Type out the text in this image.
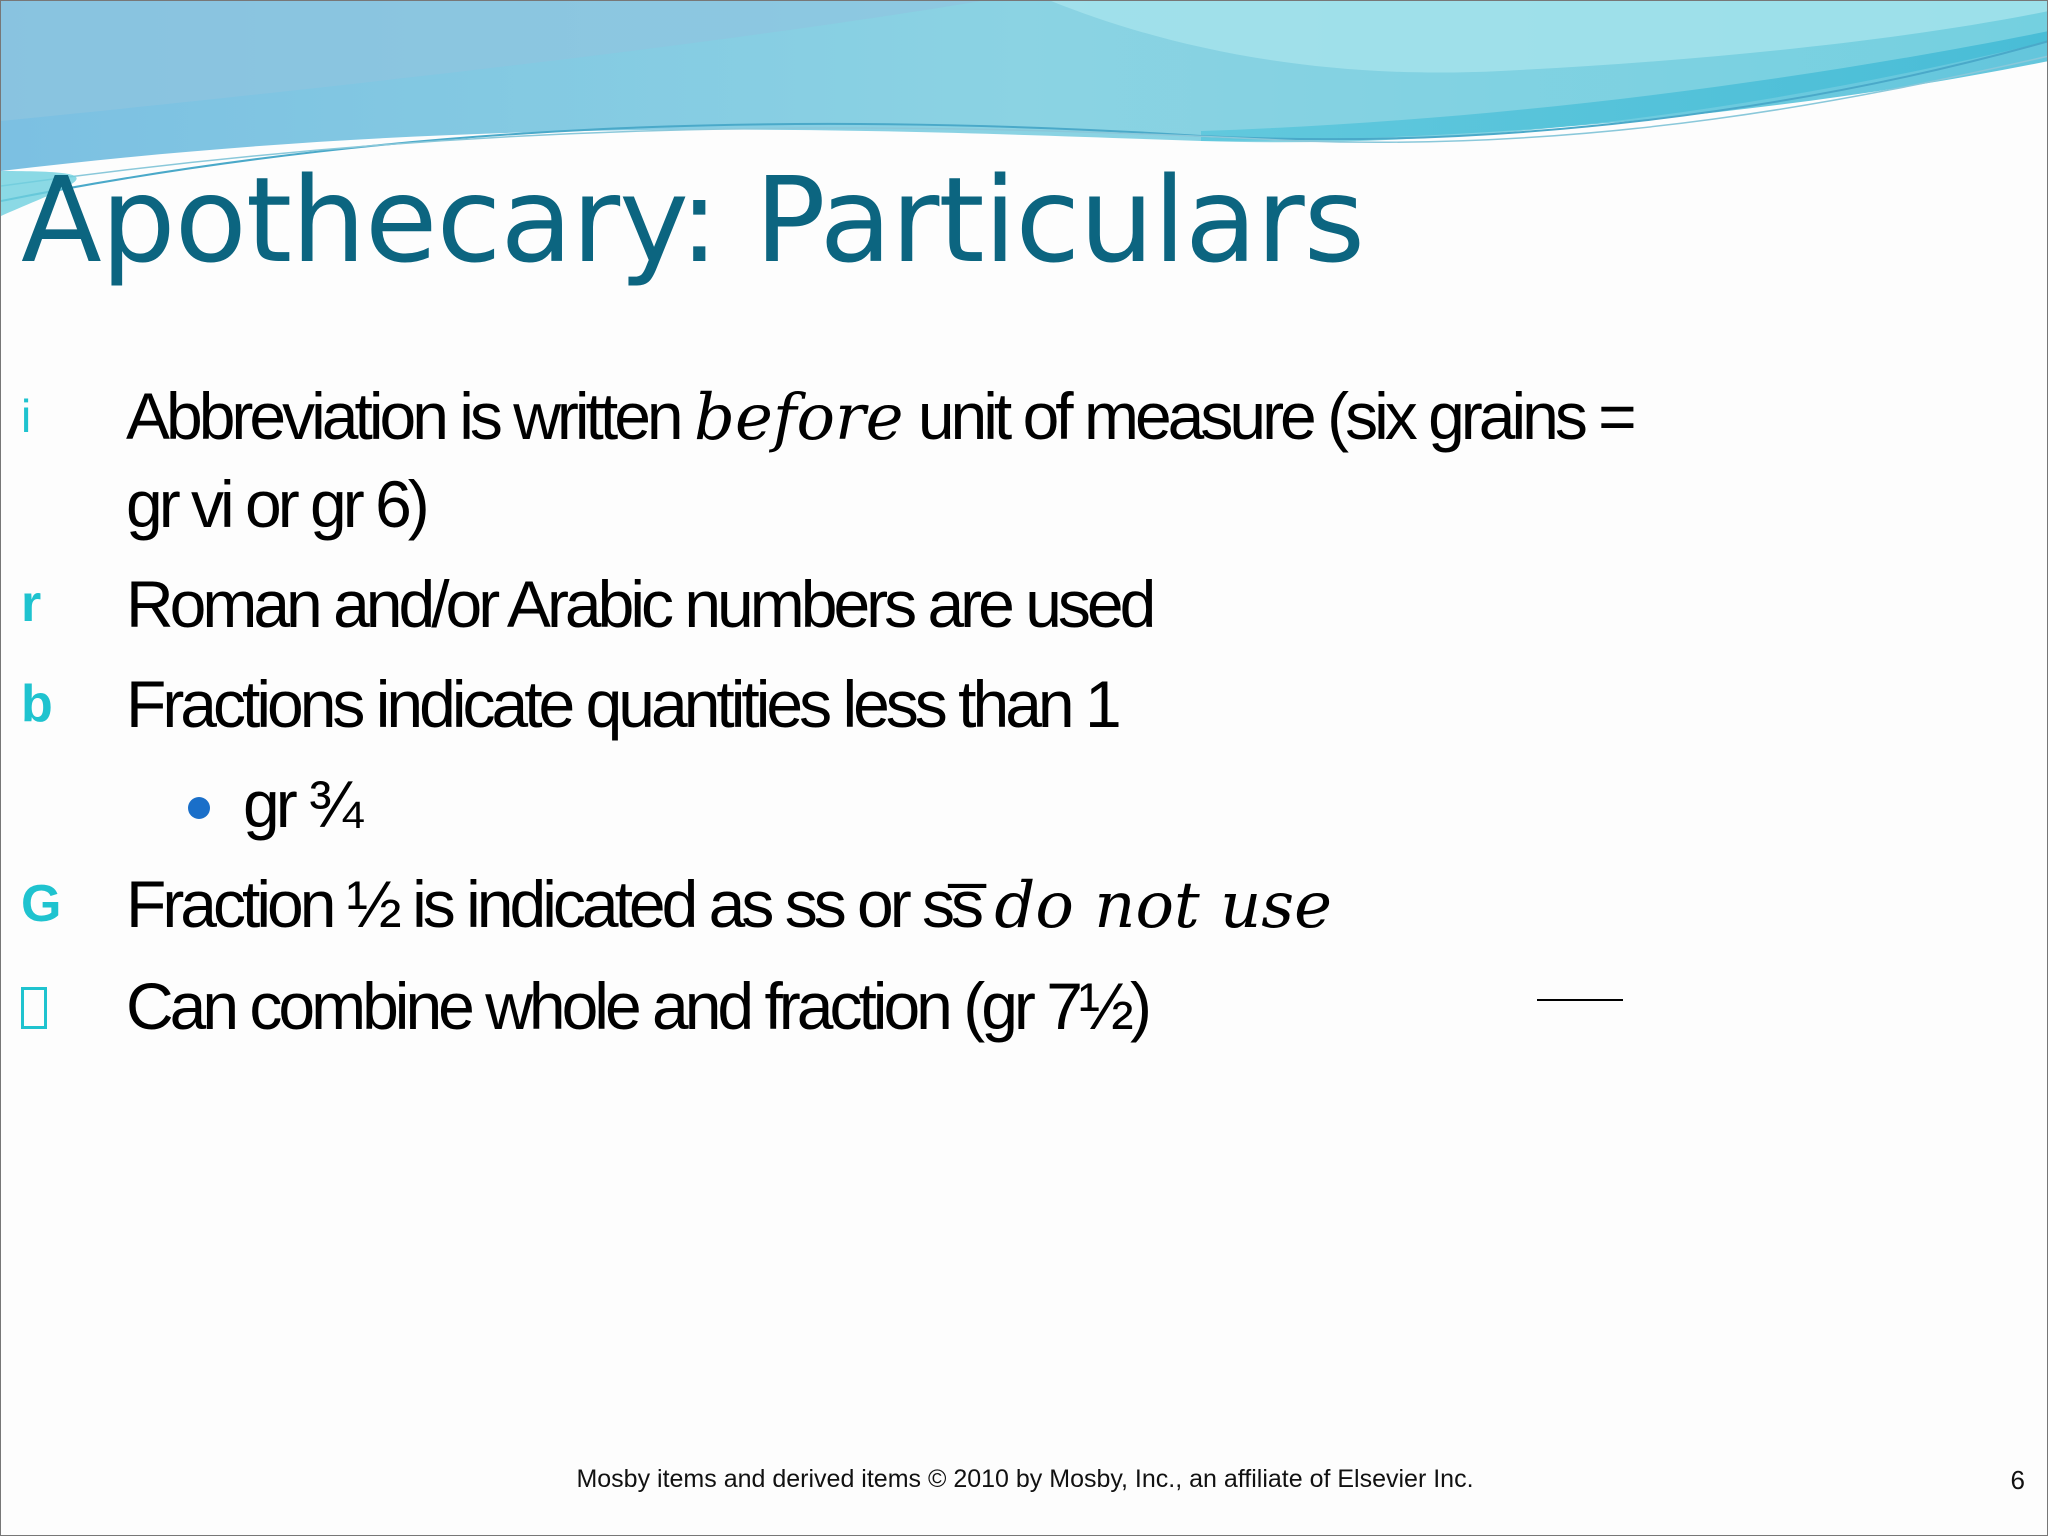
Apothecary: Particulars
i Abbreviation is written before unit of measure (six grains = gr vi or gr 6)
r Roman and/or Arabic numbers are used
b Fractions indicate quantities less than 1
gr ¾
G Fraction ½ is indicated as ss or ss̅ do not use
Can combine whole and fraction (gr 7½)
Mosby items and derived items © 2010 by Mosby, Inc., an affiliate of Elsevier Inc.	6
